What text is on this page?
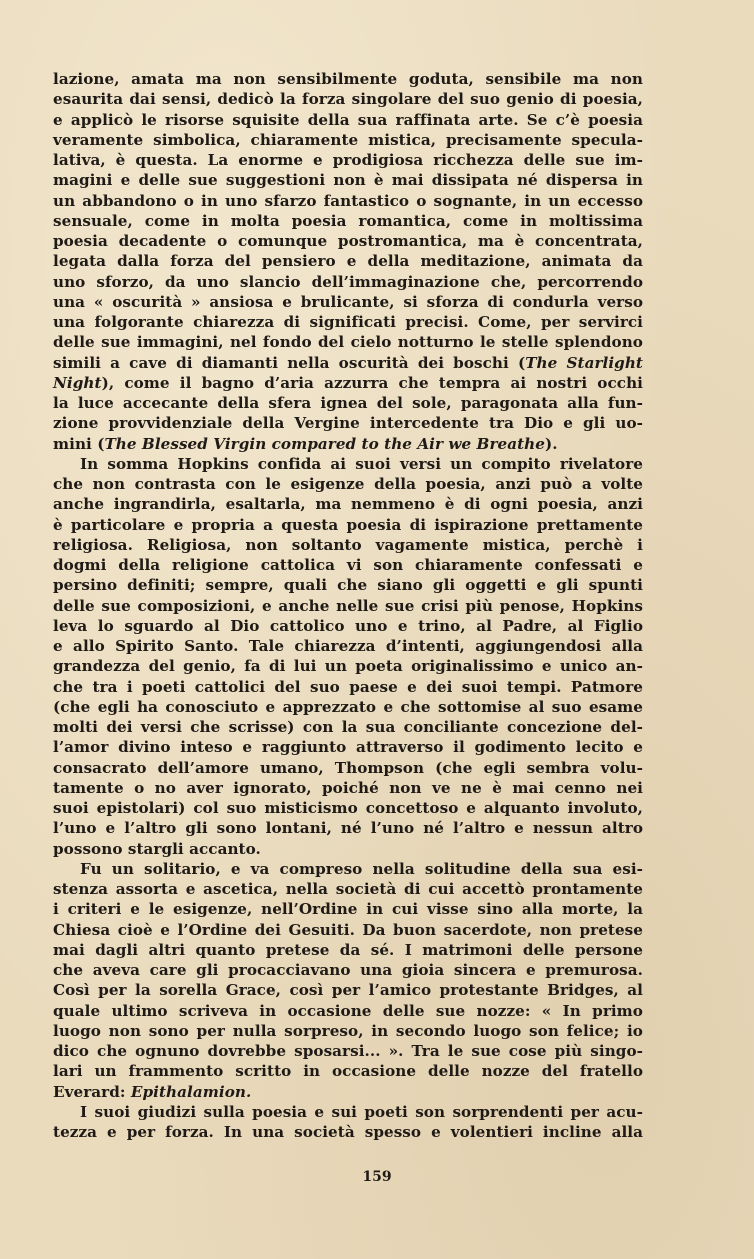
lazione, amata ma non sensibilmente goduta, sensibile ma non
esaurita dai sensi, dedicò la forza singolare del suo genio di poesia,
e applicò le risorse squisite della sua raffinata arte. Se c’è poesia
veramente simbolica, chiaramente mistica, precisamente specula-
lativa, è questa. La enorme e prodigiosa ricchezza delle sue im-
magini e delle sue suggestioni non è mai dissipata né dispersa in
un abbandono o in uno sfarzo fantastico o sognante, in un eccesso
sensuale, come in molta poesia romantica, come in moltissima
poesia decadente o comunque postromantica, ma è concentrata,
legata dalla forza del pensiero e della meditazione, animata da
uno sforzo, da uno slancio dell’immaginazione che, percorrendo
una « oscurità » ansiosa e brulicante, si sforza di condurla verso
una folgorante chiarezza di significati precisi. Come, per servirci
delle sue immagini, nel fondo del cielo notturno le stelle splendono
simili a cave di diamanti nella oscurità dei boschi (The Starlight
Night), come il bagno d’aria azzurra che tempra ai nostri occhi
la luce accecante della sfera ignea del sole, paragonata alla fun-
zione provvidenziale della Vergine intercedente tra Dio e gli uo-
mini (The Blessed Virgin compared to the Air we Breathe).
In somma Hopkins confida ai suoi versi un compito rivelatore
che non contrasta con le esigenze della poesia, anzi può a volte
anche ingrandirla, esaltarla, ma nemmeno è di ogni poesia, anzi
è particolare e propria a questa poesia di ispirazione prettamente
religiosa. Religiosa, non soltanto vagamente mistica, perchè i
dogmi della religione cattolica vi son chiaramente confessati e
persino definiti; sempre, quali che siano gli oggetti e gli spunti
delle sue composizioni, e anche nelle sue crisi più penose, Hopkins
leva lo sguardo al Dio cattolico uno e trino, al Padre, al Figlio
e allo Spirito Santo. Tale chiarezza d’intenti, aggiungendosi alla
grandezza del genio, fa di lui un poeta originalissimo e unico an-
che tra i poeti cattolici del suo paese e dei suoi tempi. Patmore
(che egli ha conosciuto e apprezzato e che sottomise al suo esame
molti dei versi che scrisse) con la sua conciliante concezione del-
l’amor divino inteso e raggiunto attraverso il godimento lecito e
consacrato dell’amore umano, Thompson (che egli sembra volu-
tamente o no aver ignorato, poiché non ve ne è mai cenno nei
suoi epistolari) col suo misticismo concettoso e alquanto involuto,
l’uno e l’altro gli sono lontani, né l’uno né l’altro e nessun altro
possono stargli accanto.
Fu un solitario, e va compreso nella solitudine della sua esi-
stenza assorta e ascetica, nella società di cui accettò prontamente
i criteri e le esigenze, nell’Ordine in cui visse sino alla morte, la
Chiesa cioè e l’Ordine dei Gesuiti. Da buon sacerdote, non pretese
mai dagli altri quanto pretese da sé. I matrimoni delle persone
che aveva care gli procacciavano una gioia sincera e premurosa.
Così per la sorella Grace, così per l’amico protestante Bridges, al
quale ultimo scriveva in occasione delle sue nozze: « In primo
luogo non sono per nulla sorpreso, in secondo luogo son felice; io
dico che ognuno dovrebbe sposarsi... ». Tra le sue cose più singo-
lari un frammento scritto in occasione delle nozze del fratello
Everard: Epithalamion.
I suoi giudizi sulla poesia e sui poeti son sorprendenti per acu-
tezza e per forza. In una società spesso e volentieri incline alla
159
